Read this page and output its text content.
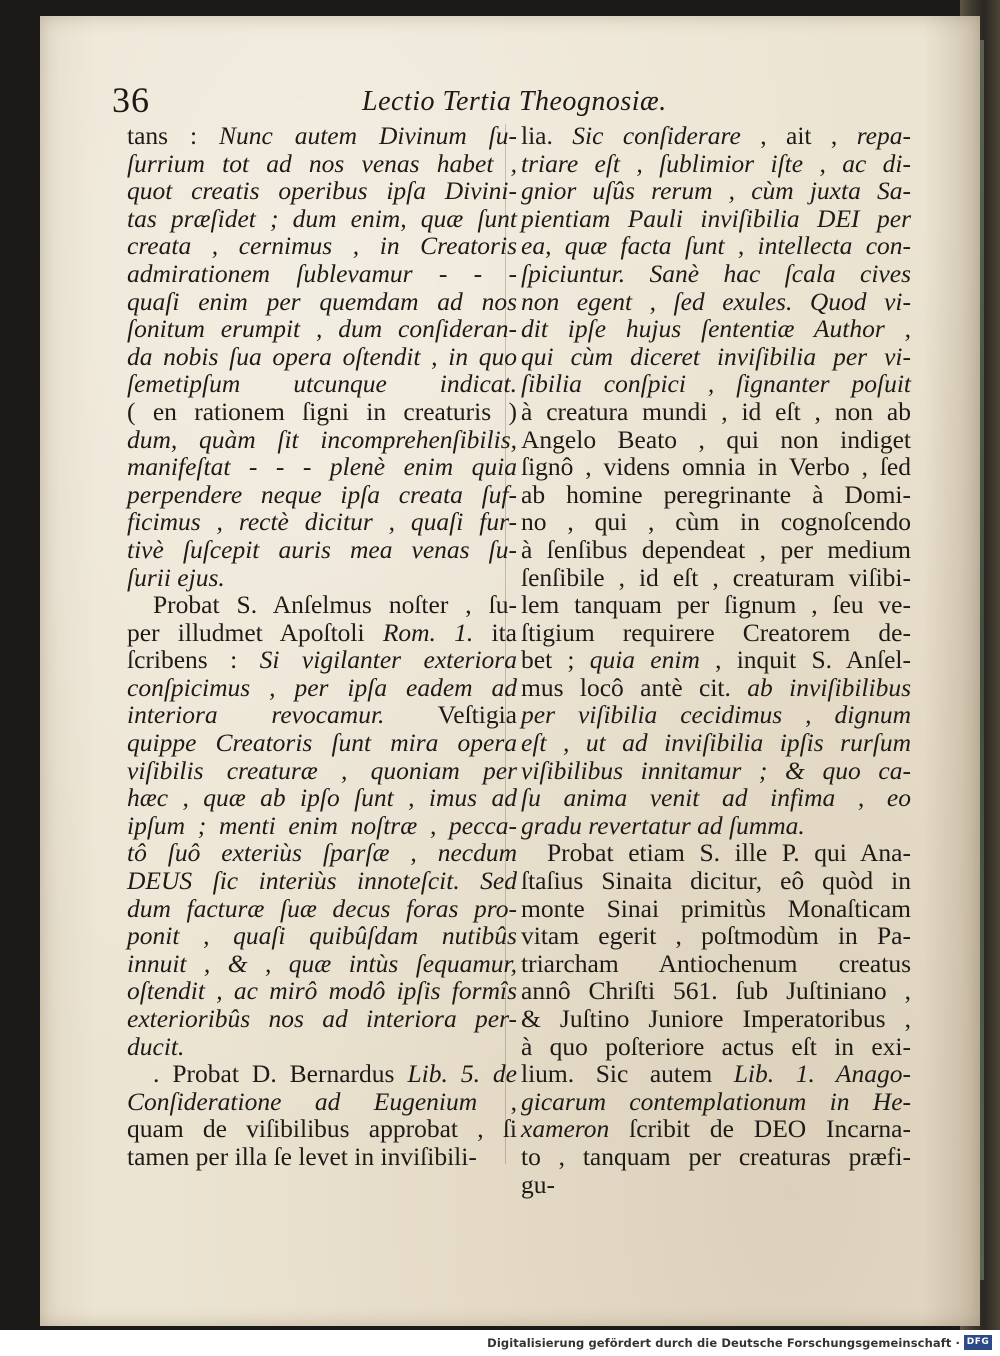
36	Lectio Tertia Theognosiæ.
tans : Nunc autem Divinum ſu-
ſurrium tot ad nos venas habet ,
quot creatis operibus ipſa Divini-
tas præſidet ; dum enim, quæ ſunt
creata , cernimus , in Creatoris
admirationem ſublevamur - - -
quaſi enim per quemdam ad nos
ſonitum erumpit , dum conſideran-
da nobis ſua opera oſtendit , in quo
ſemetipſum utcunque indicat.
( en rationem ſigni in creaturis )
dum, quàm ſit incomprehenſibilis,
manifeſtat - - - plenè enim quia
perpendere neque ipſa creata ſuf-
ficimus , rectè dicitur , quaſi fur-
tivè ſuſcepit auris mea venas ſu-
ſurii ejus.
Probat S. Anſelmus noſter , ſu-
per illudmet Apoſtoli Rom. 1. ita
ſcribens : Si vigilanter exteriora
conſpicimus , per ipſa eadem ad
interiora revocamur. Veſtigia
quippe Creatoris ſunt mira opera
viſibilis creaturæ , quoniam per
hæc , quæ ab ipſo ſunt , imus ad
ipſum ; menti enim noſtræ , pecca-
tô ſuô exteriùs ſparſæ , necdum
DEUS ſic interiùs innoteſcit. Sed
dum facturæ ſuæ decus foras pro-
ponit , quaſi quibûſdam nutibûs
innuit , & , quæ intùs ſequamur,
oſtendit , ac mirô modô ipſis formîs
exterioribûs nos ad interiora per-
ducit.
. Probat D. Bernardus Lib. 5. de
Conſideratione ad Eugenium ,
quam de viſibilibus approbat , ſi
tamen per illa ſe levet in inviſibili-
lia. Sic conſiderare , ait , repa-
triare eſt , ſublimior iſte , ac di-
gnior uſûs rerum , cùm juxta Sa-
pientiam Pauli inviſibilia DEI per
ea, quæ facta ſunt , intellecta con-
ſpiciuntur. Sanè hac ſcala cives
non egent , ſed exules. Quod vi-
dit ipſe hujus ſententiæ Author ,
qui cùm diceret inviſibilia per vi-
ſibilia conſpici , ſignanter poſuit
à creatura mundi , id eſt , non ab
Angelo Beato , qui non indiget
ſignô , videns omnia in Verbo , ſed
ab homine peregrinante à Domi-
no , qui , cùm in cognoſcendo
à ſenſibus dependeat , per medium
ſenſibile , id eſt , creaturam viſibi-
lem tanquam per ſignum , ſeu ve-
ſtigium requirere Creatorem de-
bet ; quia enim , inquit S. Anſel-
mus locô antè cit. ab inviſibilibus
per viſibilia cecidimus , dignum
eſt , ut ad inviſibilia ipſis rurſum
viſibilibus innitamur ; & quo ca-
ſu anima venit ad infima , eo
gradu revertatur ad ſumma.
Probat etiam S. ille P. qui Ana-
ſtaſius Sinaita dicitur, eô quòd in
monte Sinai primitùs Monaſticam
vitam egerit , poſtmodùm in Pa-
triarcham Antiochenum creatus
annô Chriſti 561. ſub Juſtiniano ,
& Juſtino Juniore Imperatoribus ,
à quo poſteriore actus eſt in exi-
lium. Sic autem Lib. 1. Anago-
gicarum contemplationum in He-
xameron ſcribit de DEO Incarna-
to , tanquam per creaturas præfi-
gu-
Digitalisierung gefördert durch die Deutsche Forschungsgemeinschaft · DFG
